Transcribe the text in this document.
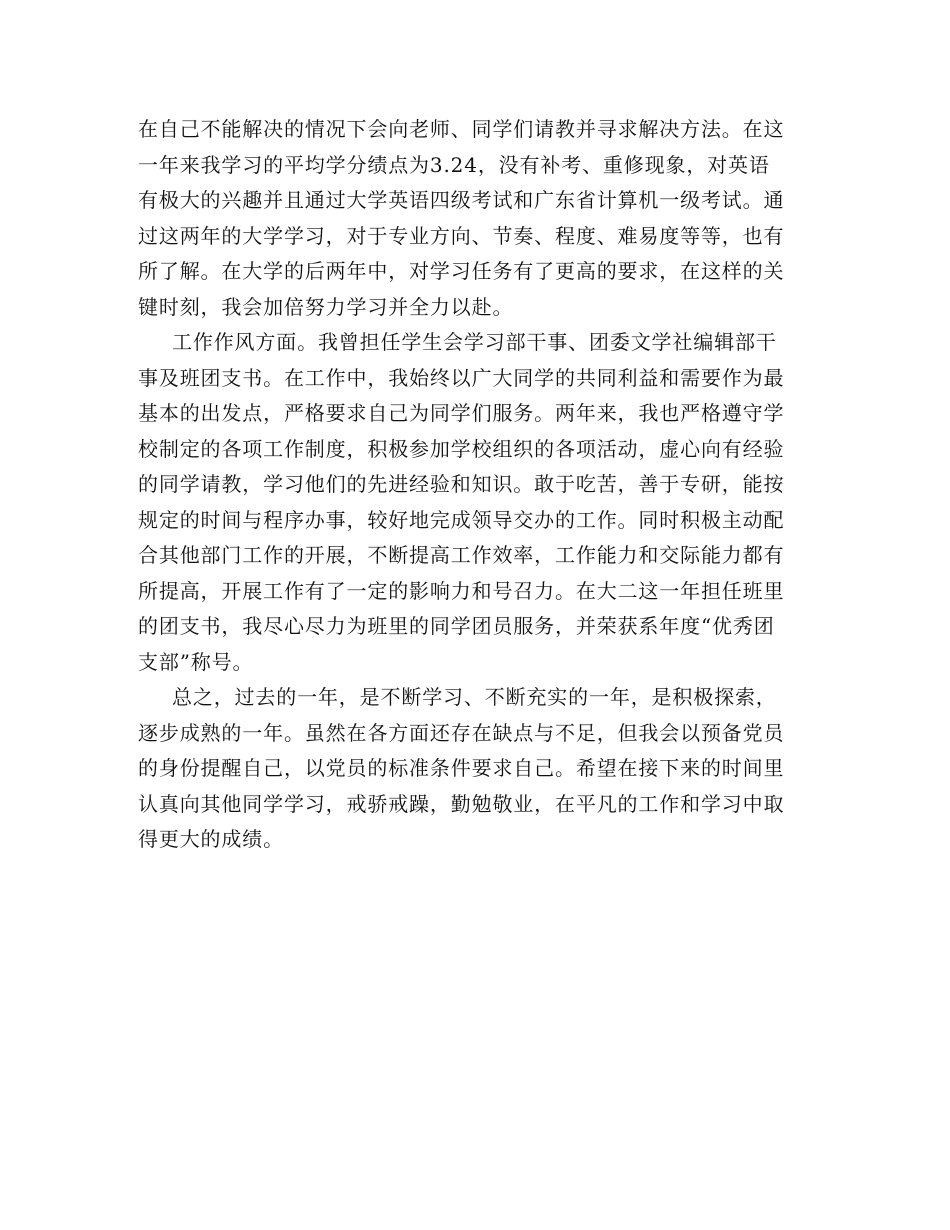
在自己不能解决的情况下会向老师、同学们请教并寻求解决方法。在这
一年来我学习的平均学分绩点为3.24，没有补考、重修现象，对英语
有极大的兴趣并且通过大学英语四级考试和广东省计算机一级考试。通
过这两年的大学学习，对于专业方向、节奏、程度、难易度等等，也有
所了解。在大学的后两年中，对学习任务有了更高的要求，在这样的关
键时刻，我会加倍努力学习并全力以赴。
工作作风方面。我曾担任学生会学习部干事、团委文学社编辑部干
事及班团支书。在工作中，我始终以广大同学的共同利益和需要作为最
基本的出发点，严格要求自己为同学们服务。两年来，我也严格遵守学
校制定的各项工作制度，积极参加学校组织的各项活动，虚心向有经验
的同学请教，学习他们的先进经验和知识。敢于吃苦，善于专研，能按
规定的时间与程序办事，较好地完成领导交办的工作。同时积极主动配
合其他部门工作的开展，不断提高工作效率，工作能力和交际能力都有
所提高，开展工作有了一定的影响力和号召力。在大二这一年担任班里
的团支书，我尽心尽力为班里的同学团员服务，并荣获系年度“优秀团
支部”称号。
总之，过去的一年，是不断学习、不断充实的一年，是积极探索，
逐步成熟的一年。虽然在各方面还存在缺点与不足，但我会以预备党员
的身份提醒自己，以党员的标准条件要求自己。希望在接下来的时间里
认真向其他同学学习，戒骄戒躁，勤勉敬业，在平凡的工作和学习中取
得更大的成绩。
